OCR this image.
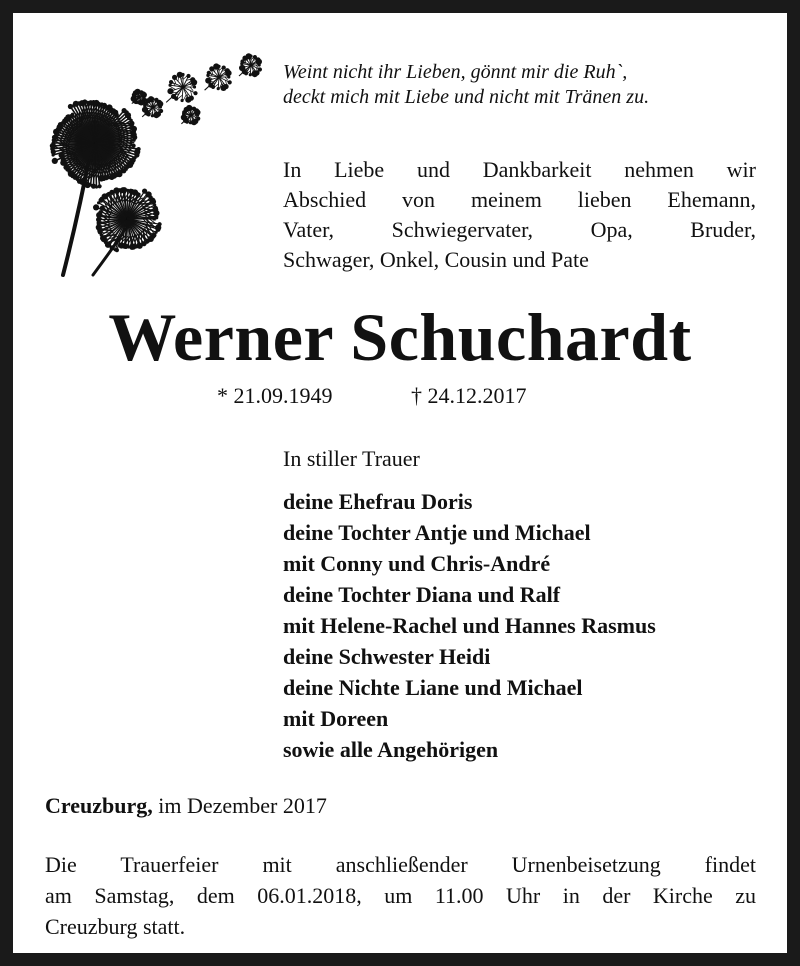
Weint nicht ihr Lieben, gönnt mir die Ruh`,
deckt mich mit Liebe und nicht mit Tränen zu.
In Liebe und Dankbarkeit nehmen wir
Abschied von meinem lieben Ehemann,
Vater, Schwiegervater, Opa, Bruder,
Schwager, Onkel, Cousin und Pate
Werner Schuchardt
* 21.09.1949	† 24.12.2017
In stiller Trauer
deine Ehefrau Doris
deine Tochter Antje und Michael
mit Conny und Chris-André
deine Tochter Diana und Ralf
mit Helene-Rachel und Hannes Rasmus
deine Schwester Heidi
deine Nichte Liane und Michael
mit Doreen
sowie alle Angehörigen
Creuzburg, im Dezember 2017
Die Trauerfeier mit anschließender Urnenbeisetzung findet
am Samstag, dem 06.01.2018, um 11.00 Uhr in der Kirche zu
Creuzburg statt.
